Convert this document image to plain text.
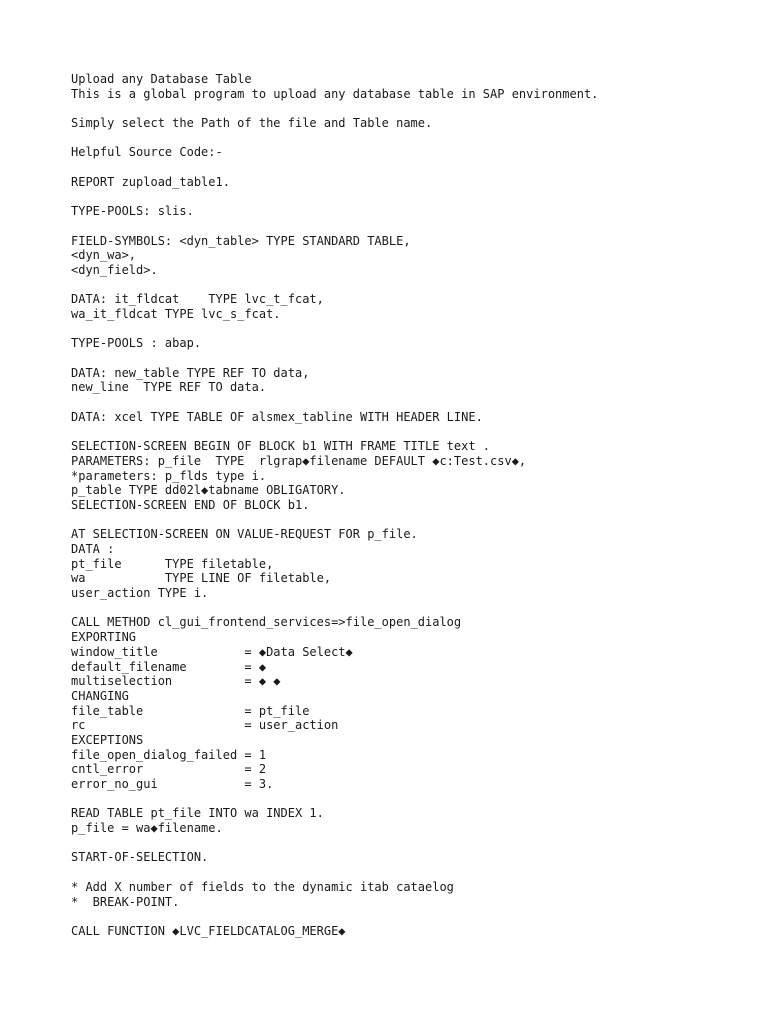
Upload any Database Table
This is a global program to upload any database table in SAP environment.
Simply select the Path of the file and Table name.
Helpful Source Code:-
REPORT zupload_table1.
TYPE-POOLS: slis.
FIELD-SYMBOLS: <dyn_table> TYPE STANDARD TABLE,
<dyn_wa>,
<dyn_field>.
DATA: it_fldcat    TYPE lvc_t_fcat,
wa_it_fldcat TYPE lvc_s_fcat.
TYPE-POOLS : abap.
DATA: new_table TYPE REF TO data,
new_line  TYPE REF TO data.
DATA: xcel TYPE TABLE OF alsmex_tabline WITH HEADER LINE.
SELECTION-SCREEN BEGIN OF BLOCK b1 WITH FRAME TITLE text .
PARAMETERS: p_file  TYPE  rlgrap◆filename DEFAULT ◆c:Test.csv◆,
*parameters: p_flds type i.
p_table TYPE dd02l◆tabname OBLIGATORY.
SELECTION-SCREEN END OF BLOCK b1.
AT SELECTION-SCREEN ON VALUE-REQUEST FOR p_file.
DATA :
pt_file      TYPE filetable,
wa           TYPE LINE OF filetable,
user_action TYPE i.
CALL METHOD cl_gui_frontend_services=>file_open_dialog
EXPORTING
window_title            = ◆Data Select◆
default_filename        = ◆
multiselection          = ◆ ◆
CHANGING
file_table              = pt_file
rc                      = user_action
EXCEPTIONS
file_open_dialog_failed = 1
cntl_error              = 2
error_no_gui            = 3.
READ TABLE pt_file INTO wa INDEX 1.
p_file = wa◆filename.
START-OF-SELECTION.
* Add X number of fields to the dynamic itab cataelog
*  BREAK-POINT.
CALL FUNCTION ◆LVC_FIELDCATALOG_MERGE◆
